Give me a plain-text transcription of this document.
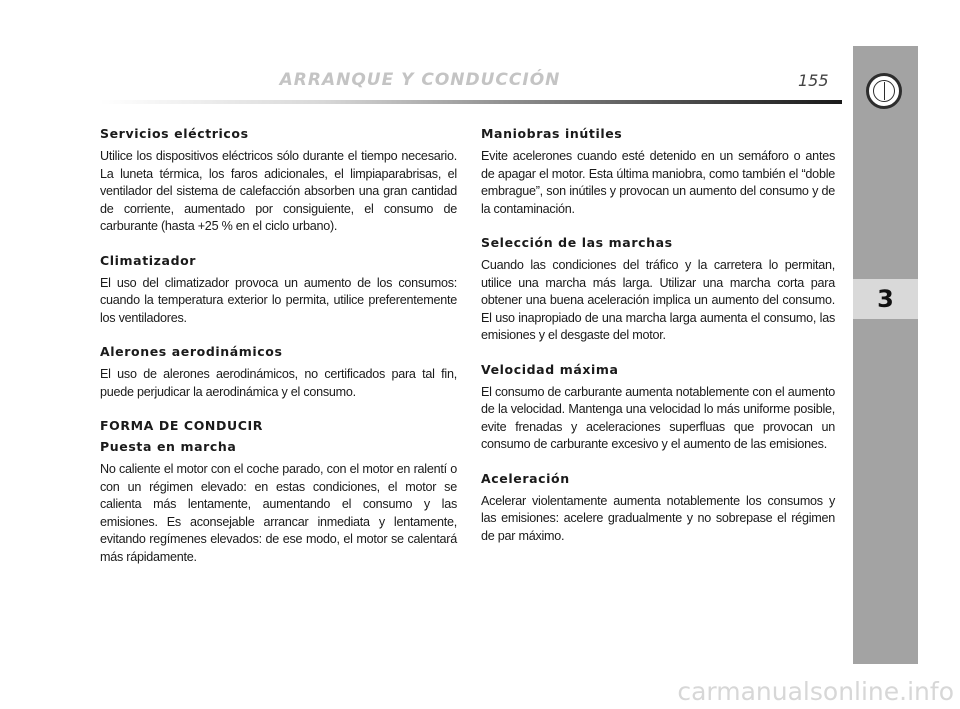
ARRANQUE Y CONDUCCIÓN	155
3
Servicios eléctricos

Utilice los dispositivos eléctricos sólo durante el tiempo necesario. La luneta térmica, los faros adicionales, el limpiaparabrisas, el ventilador del sistema de calefacción absorben una gran cantidad de corriente, aumentado por consiguiente, el consumo de carburante (hasta +25 % en el ciclo urbano).

Climatizador

El uso del climatizador provoca un aumento de los consumos: cuando la temperatura exterior lo permita, utilice preferentemente los ventiladores.

Alerones aerodinámicos

El uso de alerones aerodinámicos, no certificados para tal fin, puede perjudicar la aerodinámica y el consumo.

FORMA DE CONDUCIR
Puesta en marcha

No caliente el motor con el coche parado, con el motor en ralentí o con un régimen elevado: en estas condiciones, el motor se calienta más lentamente, aumentando el consumo y las emisiones. Es aconsejable arrancar inmediata y lentamente, evitando regímenes elevados: de ese modo, el motor se calentará más rápidamente.

Maniobras inútiles

Evite acelerones cuando esté detenido en un semáforo o antes de apagar el motor. Esta última maniobra, como también el “doble embrague”, son inútiles y provocan un aumento del consumo y de la contaminación.

Selección de las marchas

Cuando las condiciones del tráfico y la carretera lo permitan, utilice una marcha más larga. Utilizar una marcha corta para obtener una buena aceleración implica un aumento del consumo. El uso inapropiado de una marcha larga aumenta el consumo, las emisiones y el desgaste del motor.

Velocidad máxima

El consumo de carburante aumenta notablemente con el aumento de la velocidad. Mantenga una velocidad lo más uniforme posible, evite frenadas y aceleraciones superfluas que provocan un consumo de carburante excesivo y el aumento de las emisiones.

Aceleración

Acelerar violentamente aumenta notablemente los consumos y las emisiones: acelere gradualmente y no sobrepase el régimen de par máximo.

carmanualsonline.info
